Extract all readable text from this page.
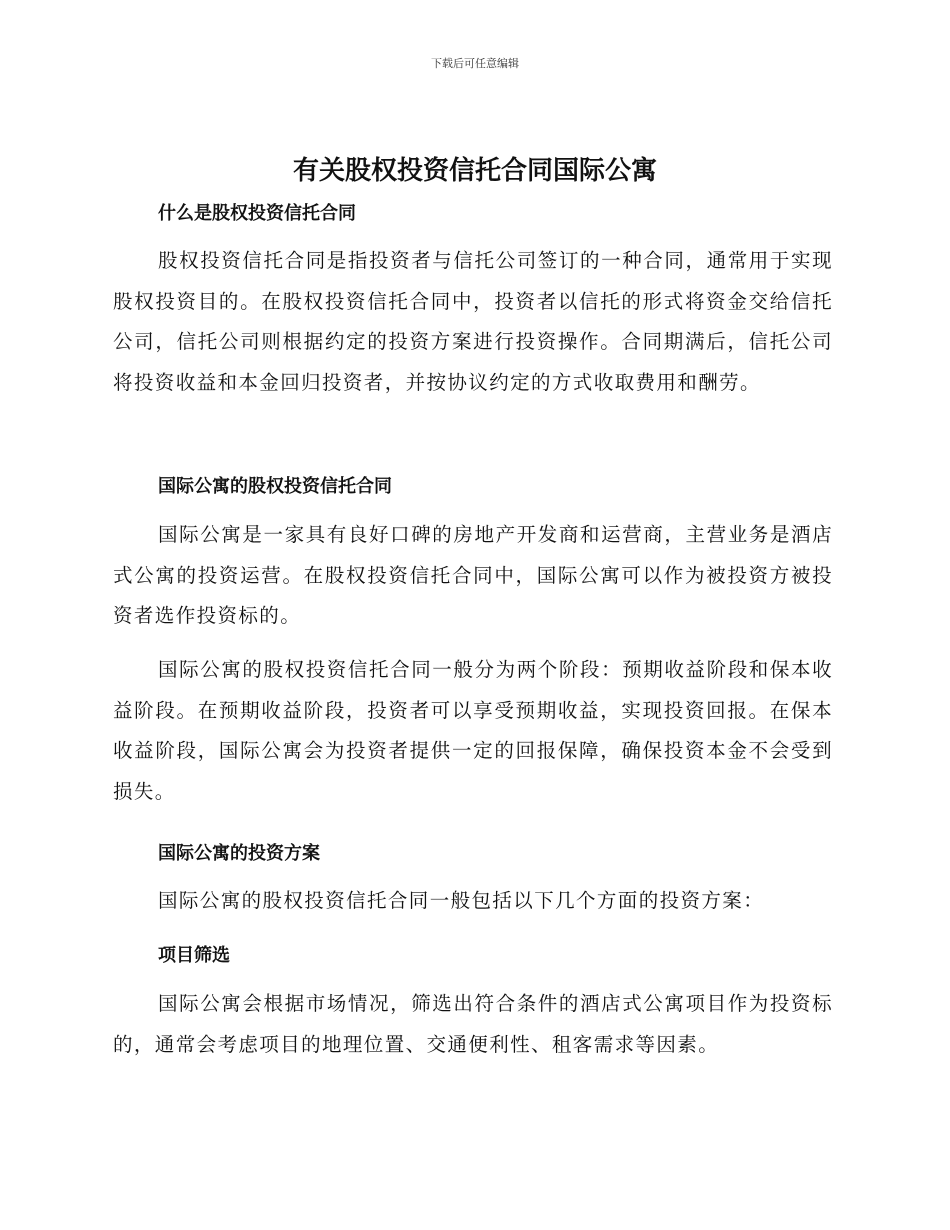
下载后可任意编辑
有关股权投资信托合同国际公寓
什么是股权投资信托合同
股权投资信托合同是指投资者与信托公司签订的一种合同，通常用于实现股权投资目的。在股权投资信托合同中，投资者以信托的形式将资金交给信托公司，信托公司则根据约定的投资方案进行投资操作。合同期满后，信托公司将投资收益和本金回归投资者，并按协议约定的方式收取费用和酬劳。
国际公寓的股权投资信托合同
国际公寓是一家具有良好口碑的房地产开发商和运营商，主营业务是酒店式公寓的投资运营。在股权投资信托合同中，国际公寓可以作为被投资方被投资者选作投资标的。
国际公寓的股权投资信托合同一般分为两个阶段：预期收益阶段和保本收益阶段。在预期收益阶段，投资者可以享受预期收益，实现投资回报。在保本收益阶段，国际公寓会为投资者提供一定的回报保障，确保投资本金不会受到损失。
国际公寓的投资方案
国际公寓的股权投资信托合同一般包括以下几个方面的投资方案：
项目筛选
国际公寓会根据市场情况，筛选出符合条件的酒店式公寓项目作为投资标的，通常会考虑项目的地理位置、交通便利性、租客需求等因素。
